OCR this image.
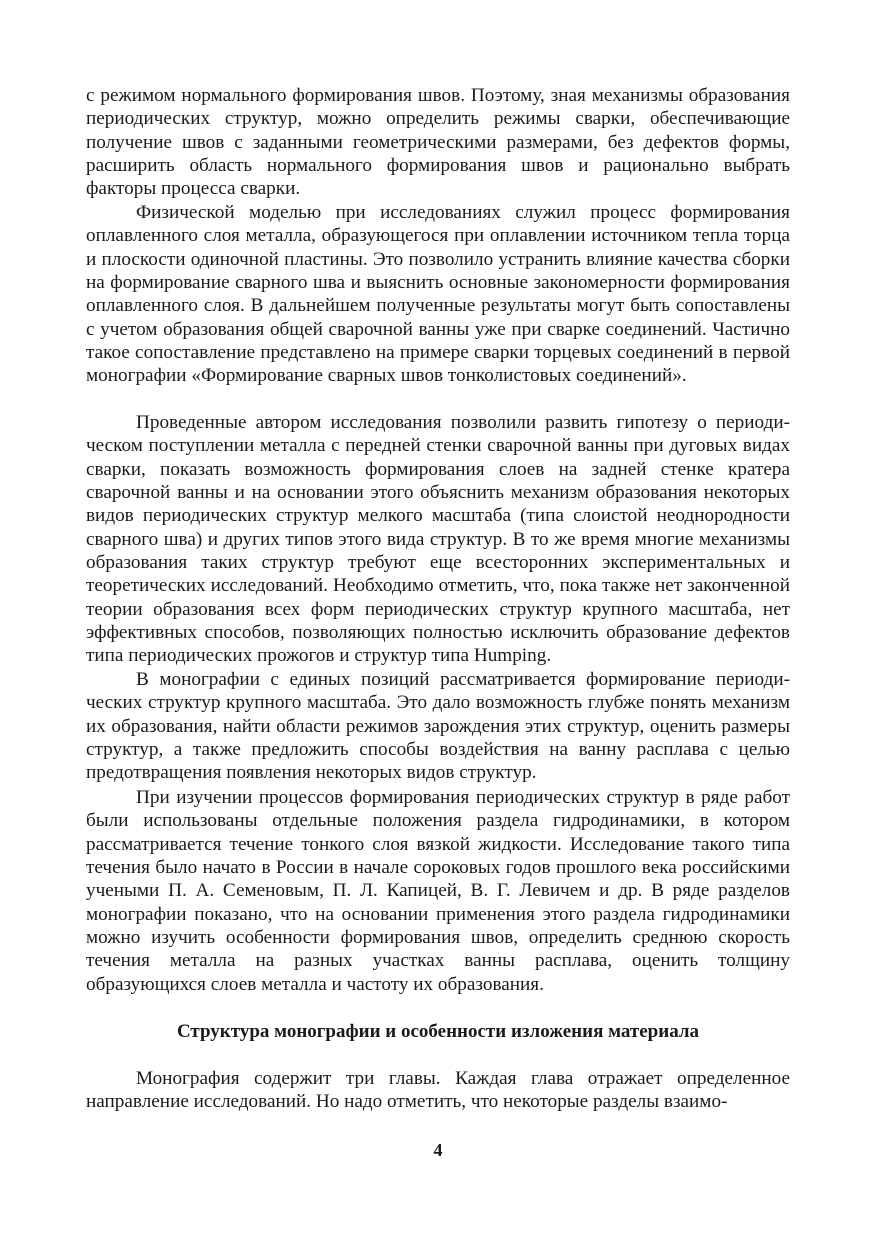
с режимом нормального формирования швов. Поэтому, зная механизмы образования периодических структур, можно определить режимы сварки, обеспечивающие получение швов с заданными геометрическими размерами, без дефектов формы, расширить область нормального формирования швов и рационально выбрать факторы процесса сварки.

Физической моделью при исследованиях служил процесс формирования оплавленного слоя металла, образующегося при оплавлении источником тепла торца и плоскости одиночной пластины. Это позволило устранить влияние качества сборки на формирование сварного шва и выяснить основные закономерности формирования оплавленного слоя. В дальнейшем полученные результаты могут быть сопоставлены с учетом образования общей сварочной ванны уже при сварке соединений. Частично такое сопоставление представлено на примере сварки торцевых соединений в первой монографии «Формирование сварных швов тонколистовых соединений».

Проведенные автором исследования позволили развить гипотезу о периодическом поступлении металла с передней стенки сварочной ванны при дуговых видах сварки, показать возможность формирования слоев на задней стенке кратера сварочной ванны и на основании этого объяснить механизм образования некоторых видов периодических структур мелкого масштаба (типа слоистой неоднородности сварного шва) и других типов этого вида структур. В то же время многие механизмы образования таких структур требуют еще всесторонних экспериментальных и теоретических исследований. Необходимо отметить, что, пока также нет законченной теории образования всех форм периодических структур крупного масштаба, нет эффективных способов, позволяющих полностью исключить образование дефектов типа периодических прожогов и структур типа Humping.

В монографии с единых позиций рассматривается формирование периодических структур крупного масштаба. Это дало возможность глубже понять механизм их образования, найти области режимов зарождения этих структур, оценить размеры структур, а также предложить способы воздействия на ванну расплава с целью предотвращения появления некоторых видов структур.

При изучении процессов формирования периодических структур в ряде работ были использованы отдельные положения раздела гидродинамики, в котором рассматривается течение тонкого слоя вязкой жидкости. Исследование такого типа течения было начато в России в начале сороковых годов прошлого века российскими учеными П. А. Семеновым, П. Л. Капицей, В. Г. Левичем и др. В ряде разделов монографии показано, что на основании применения этого раздела гидродинамики можно изучить особенности формирования швов, определить среднюю скорость течения металла на разных участках ванны расплава, оценить толщину образующихся слоев металла и частоту их образования.

Структура монографии и особенности изложения материала

Монография содержит три главы. Каждая глава отражает определенное направление исследований. Но надо отметить, что некоторые разделы взаимо-

4
